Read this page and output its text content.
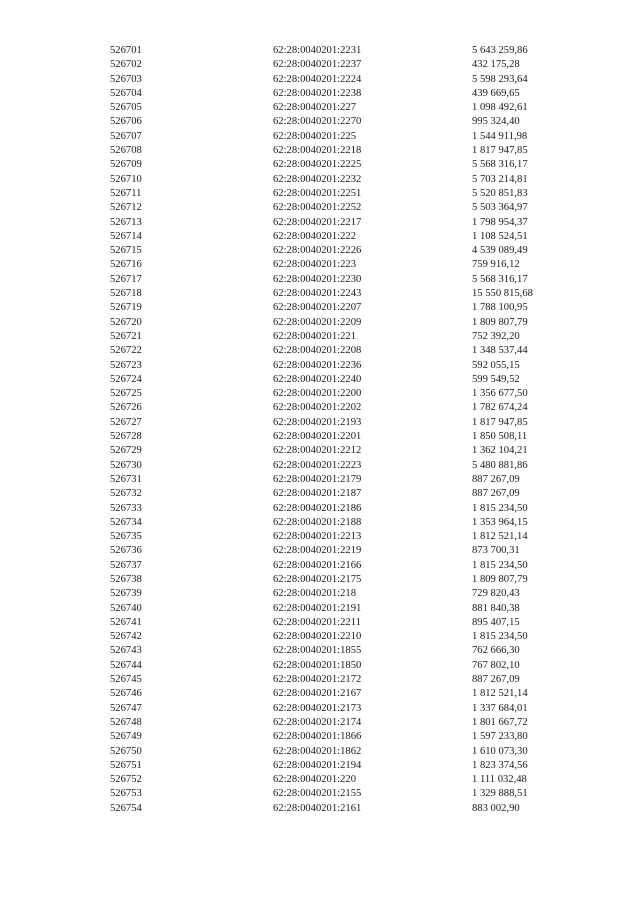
526701	62:28:0040201:2231	5 643 259,86
526702	62:28:0040201:2237	432 175,28
526703	62:28:0040201:2224	5 598 293,64
526704	62:28:0040201:2238	439 669,65
526705	62:28:0040201:227	1 098 492,61
526706	62:28:0040201:2270	995 324,40
526707	62:28:0040201:225	1 544 911,98
526708	62:28:0040201:2218	1 817 947,85
526709	62:28:0040201:2225	5 568 316,17
526710	62:28:0040201:2232	5 703 214,81
526711	62:28:0040201:2251	5 520 851,83
526712	62:28:0040201:2252	5 503 364,97
526713	62:28:0040201:2217	1 798 954,37
526714	62:28:0040201:222	1 108 524,51
526715	62:28:0040201:2226	4 539 089,49
526716	62:28:0040201:223	759 916,12
526717	62:28:0040201:2230	5 568 316,17
526718	62:28:0040201:2243	15 550 815,68
526719	62:28:0040201:2207	1 788 100,95
526720	62:28:0040201:2209	1 809 807,79
526721	62:28:0040201:221	752 392,20
526722	62:28:0040201:2208	1 348 537,44
526723	62:28:0040201:2236	592 055,15
526724	62:28:0040201:2240	599 549,52
526725	62:28:0040201:2200	1 356 677,50
526726	62:28:0040201:2202	1 782 674,24
526727	62:28:0040201:2193	1 817 947,85
526728	62:28:0040201:2201	1 850 508,11
526729	62:28:0040201:2212	1 362 104,21
526730	62:28:0040201:2223	5 480 881,86
526731	62:28:0040201:2179	887 267,09
526732	62:28:0040201:2187	887 267,09
526733	62:28:0040201:2186	1 815 234,50
526734	62:28:0040201:2188	1 353 964,15
526735	62:28:0040201:2213	1 812 521,14
526736	62:28:0040201:2219	873 700,31
526737	62:28:0040201:2166	1 815 234,50
526738	62:28:0040201:2175	1 809 807,79
526739	62:28:0040201:218	729 820,43
526740	62:28:0040201:2191	881 840,38
526741	62:28:0040201:2211	895 407,15
526742	62:28:0040201:2210	1 815 234,50
526743	62:28:0040201:1855	762 666,30
526744	62:28:0040201:1850	767 802,10
526745	62:28:0040201:2172	887 267,09
526746	62:28:0040201:2167	1 812 521,14
526747	62:28:0040201:2173	1 337 684,01
526748	62:28:0040201:2174	1 801 667,72
526749	62:28:0040201:1866	1 597 233,80
526750	62:28:0040201:1862	1 610 073,30
526751	62:28:0040201:2194	1 823 374,56
526752	62:28:0040201:220	1 111 032,48
526753	62:28:0040201:2155	1 329 888,51
526754	62:28:0040201:2161	883 002,90
